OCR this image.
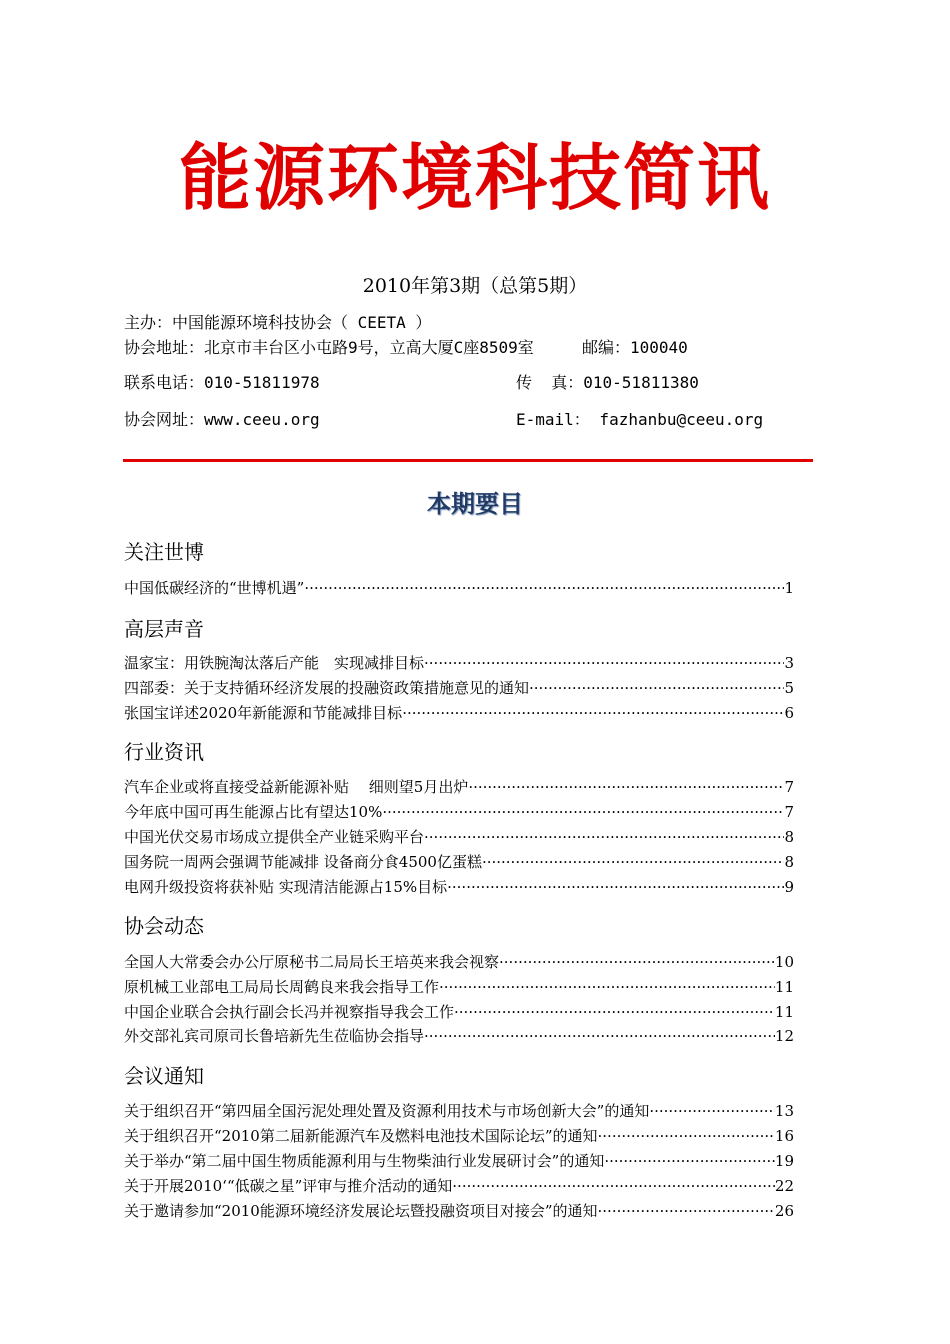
能源环境科技简讯
2010年第3期（总第5期）
主办：中国能源环境科技协会（ CEETA ）
协会地址：北京市丰台区小屯路9号，立高大厦C座8509室     邮编：100040
联系电话：010-51811978	传  真：010-51811380
协会网址：www.ceeu.org	E-mail： fazhanbu@ceeu.org
本期要目
关注世博
中国低碳经济的“世博机遇” ·····	1
高层声音
温家宝：用铁腕淘汰落后产能　实现减排目标 ·····	3
四部委：关于支持循环经济发展的投融资政策措施意见的通知 ·····	5
张国宝详述2020年新能源和节能减排目标 ·····	6
行业资讯
汽车企业或将直接受益新能源补贴　 细则望5月出炉 ·····	7
今年底中国可再生能源占比有望达10% ·····	7
中国光伏交易市场成立提供全产业链采购平台 ·····	8
国务院一周两会强调节能减排 设备商分食4500亿蛋糕 ·····	8
电网升级投资将获补贴 实现清洁能源占15%目标 ·····	9
协会动态
全国人大常委会办公厅原秘书二局局长王培英来我会视察 ·····	10
原机械工业部电工局局长周鹤良来我会指导工作 ·····	11
中国企业联合会执行副会长冯并视察指导我会工作 ·····	11
外交部礼宾司原司长鲁培新先生莅临协会指导 ·····	12
会议通知
关于组织召开“第四届全国污泥处理处置及资源利用技术与市场创新大会”的通知 ·····	13
关于组织召开“2010第二届新能源汽车及燃料电池技术国际论坛”的通知 ·····	16
关于举办“第二届中国生物质能源利用与生物柴油行业发展研讨会”的通知 ·····	19
关于开展2010‘“低碳之星”评审与推介活动的通知 ·····	22
关于邀请参加“2010能源环境经济发展论坛暨投融资项目对接会”的通知 ·····	26
